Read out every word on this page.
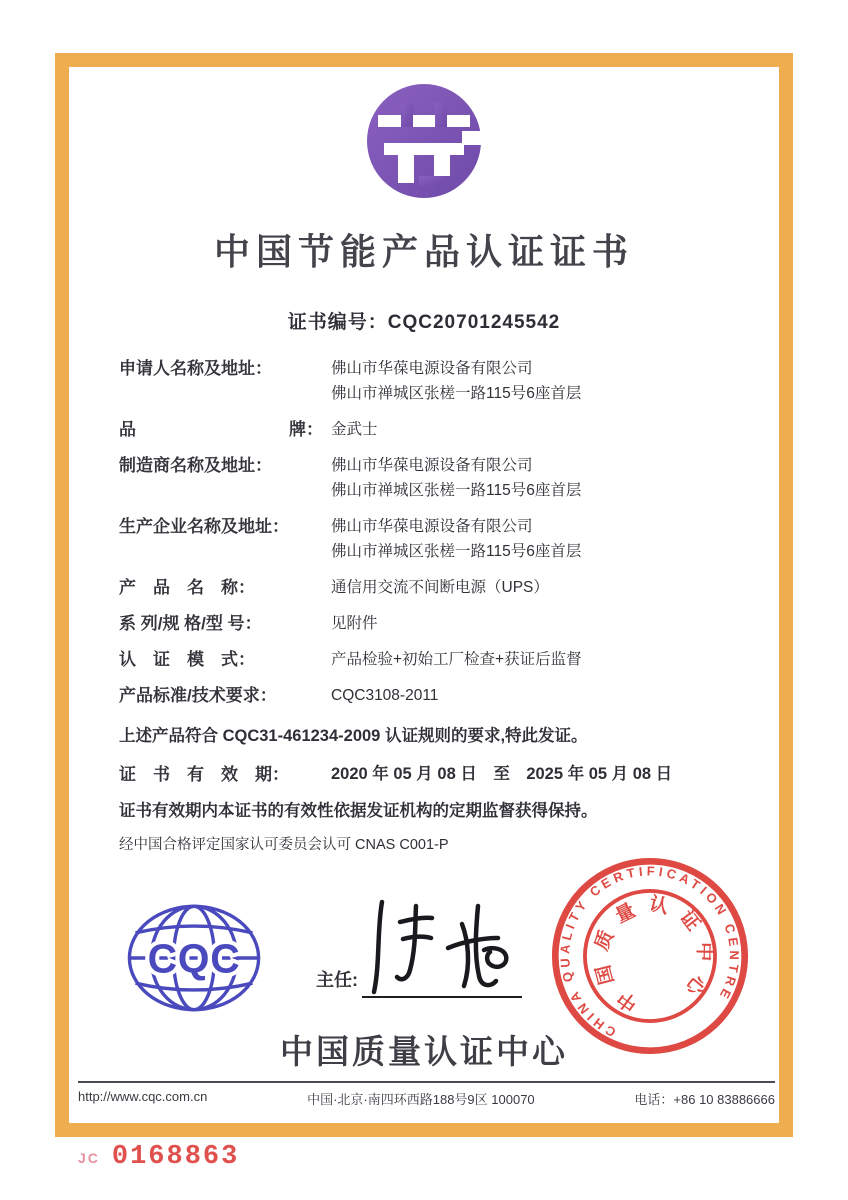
中国节能产品认证证书
证书编号：CQC20701245542
申请人名称及地址：	佛山市华葆电源设备有限公司
佛山市禅城区张槎一路115号6座首层
品　　　　　　　　　牌： 金武士
制造商名称及地址：	佛山市华葆电源设备有限公司
佛山市禅城区张槎一路115号6座首层
生产企业名称及地址：	佛山市华葆电源设备有限公司
佛山市禅城区张槎一路115号6座首层
产　品　名　称：	通信用交流不间断电源（UPS）
系 列/规 格/型 号：	见附件
认　证　模　式：	产品检验+初始工厂检查+获证后监督
产品标准/技术要求：	CQC3108-2011
上述产品符合 CQC31-461234-2009 认证规则的要求,特此发证。
证　书　有　效　期：	2020 年 05 月 08 日　至　2025 年 05 月 08 日
证书有效期内本证书的有效性依据发证机构的定期监督获得保持。
经中国合格评定国家认可委员会认可 CNAS C001-P
CQC	主任:
CHINA QUALITY CERTIFICATION CENTRE
中国质量认证中心
中国质量认证中心
http://www.cqc.com.cn	中国·北京·南四环西路188号9区 100070	电话：+86 10 83886666
JC 0168863
